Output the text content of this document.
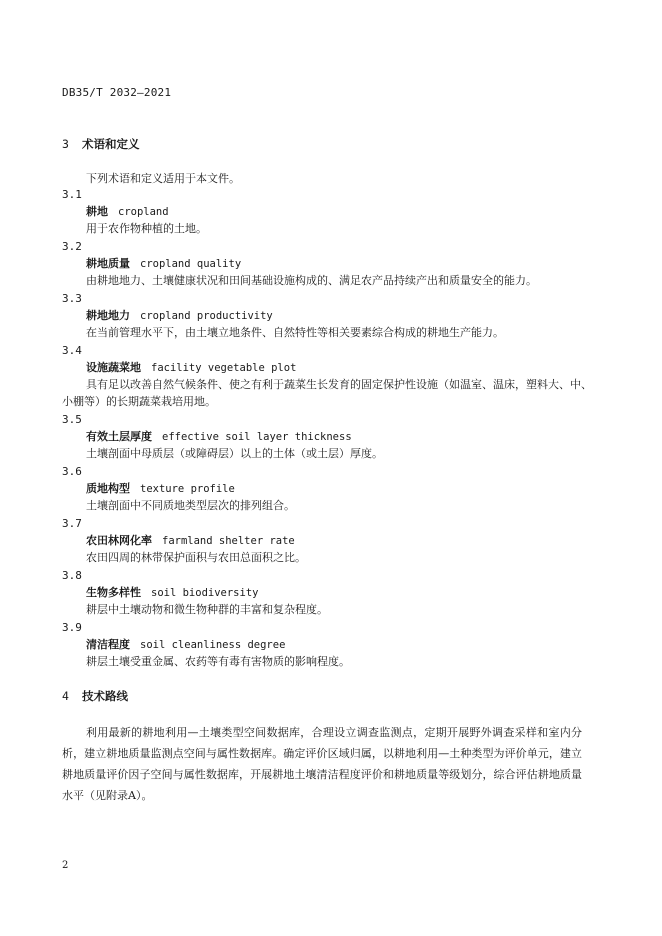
DB35/T 2032—2021
3 术语和定义
下列术语和定义适用于本文件。
3.1
耕地 cropland
用于农作物种植的土地。
3.2
耕地质量 cropland quality
由耕地地力、土壤健康状况和田间基础设施构成的、满足农产品持续产出和质量安全的能力。
3.3
耕地地力 cropland productivity
在当前管理水平下，由土壤立地条件、自然特性等相关要素综合构成的耕地生产能力。
3.4
设施蔬菜地 facility vegetable plot
具有足以改善自然气候条件、使之有利于蔬菜生长发育的固定保护性设施（如温室、温床，塑料大、中、小棚等）的长期蔬菜栽培用地。
3.5
有效土层厚度 effective soil layer thickness
土壤剖面中母质层（或障碍层）以上的土体（或土层）厚度。
3.6
质地构型 texture profile
土壤剖面中不同质地类型层次的排列组合。
3.7
农田林网化率 farmland shelter rate
农田四周的林带保护面积与农田总面积之比。
3.8
生物多样性 soil biodiversity
耕层中土壤动物和微生物种群的丰富和复杂程度。
3.9
清洁程度 soil cleanliness degree
耕层土壤受重金属、农药等有毒有害物质的影响程度。
4 技术路线
利用最新的耕地利用—土壤类型空间数据库，合理设立调查监测点，定期开展野外调查采样和室内分析，建立耕地质量监测点空间与属性数据库。确定评价区域归属，以耕地利用—土种类型为评价单元，建立耕地质量评价因子空间与属性数据库，开展耕地土壤清洁程度评价和耕地质量等级划分，综合评估耕地质量水平（见附录A）。
2
